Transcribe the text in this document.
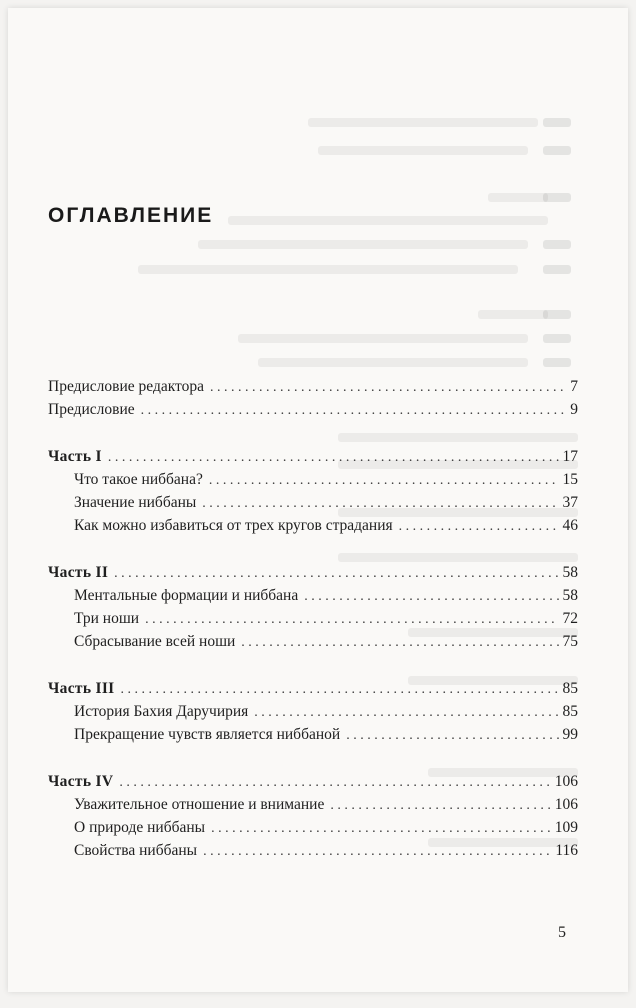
ОГЛАВЛЕНИЕ
Предисловие редактора . . .	7
Предисловие . . .	9
Часть I . . .	17
Что такое ниббана? . . .	15
Значение ниббаны . . .	37
Как можно избавиться от трех кругов страдания . . .	46
Часть II . . .	58
Ментальные формации и ниббана . . .	58
Три ноши . . .	72
Сбрасывание всей ноши . . .	75
Часть III . . .	85
История Бахия Даручирия . . .	85
Прекращение чувств является ниббаной . . .	99
Часть IV . . .	106
Уважительное отношение и внимание . . .	106
О природе ниббаны . . .	109
Свойства ниббаны . . .	116
5
